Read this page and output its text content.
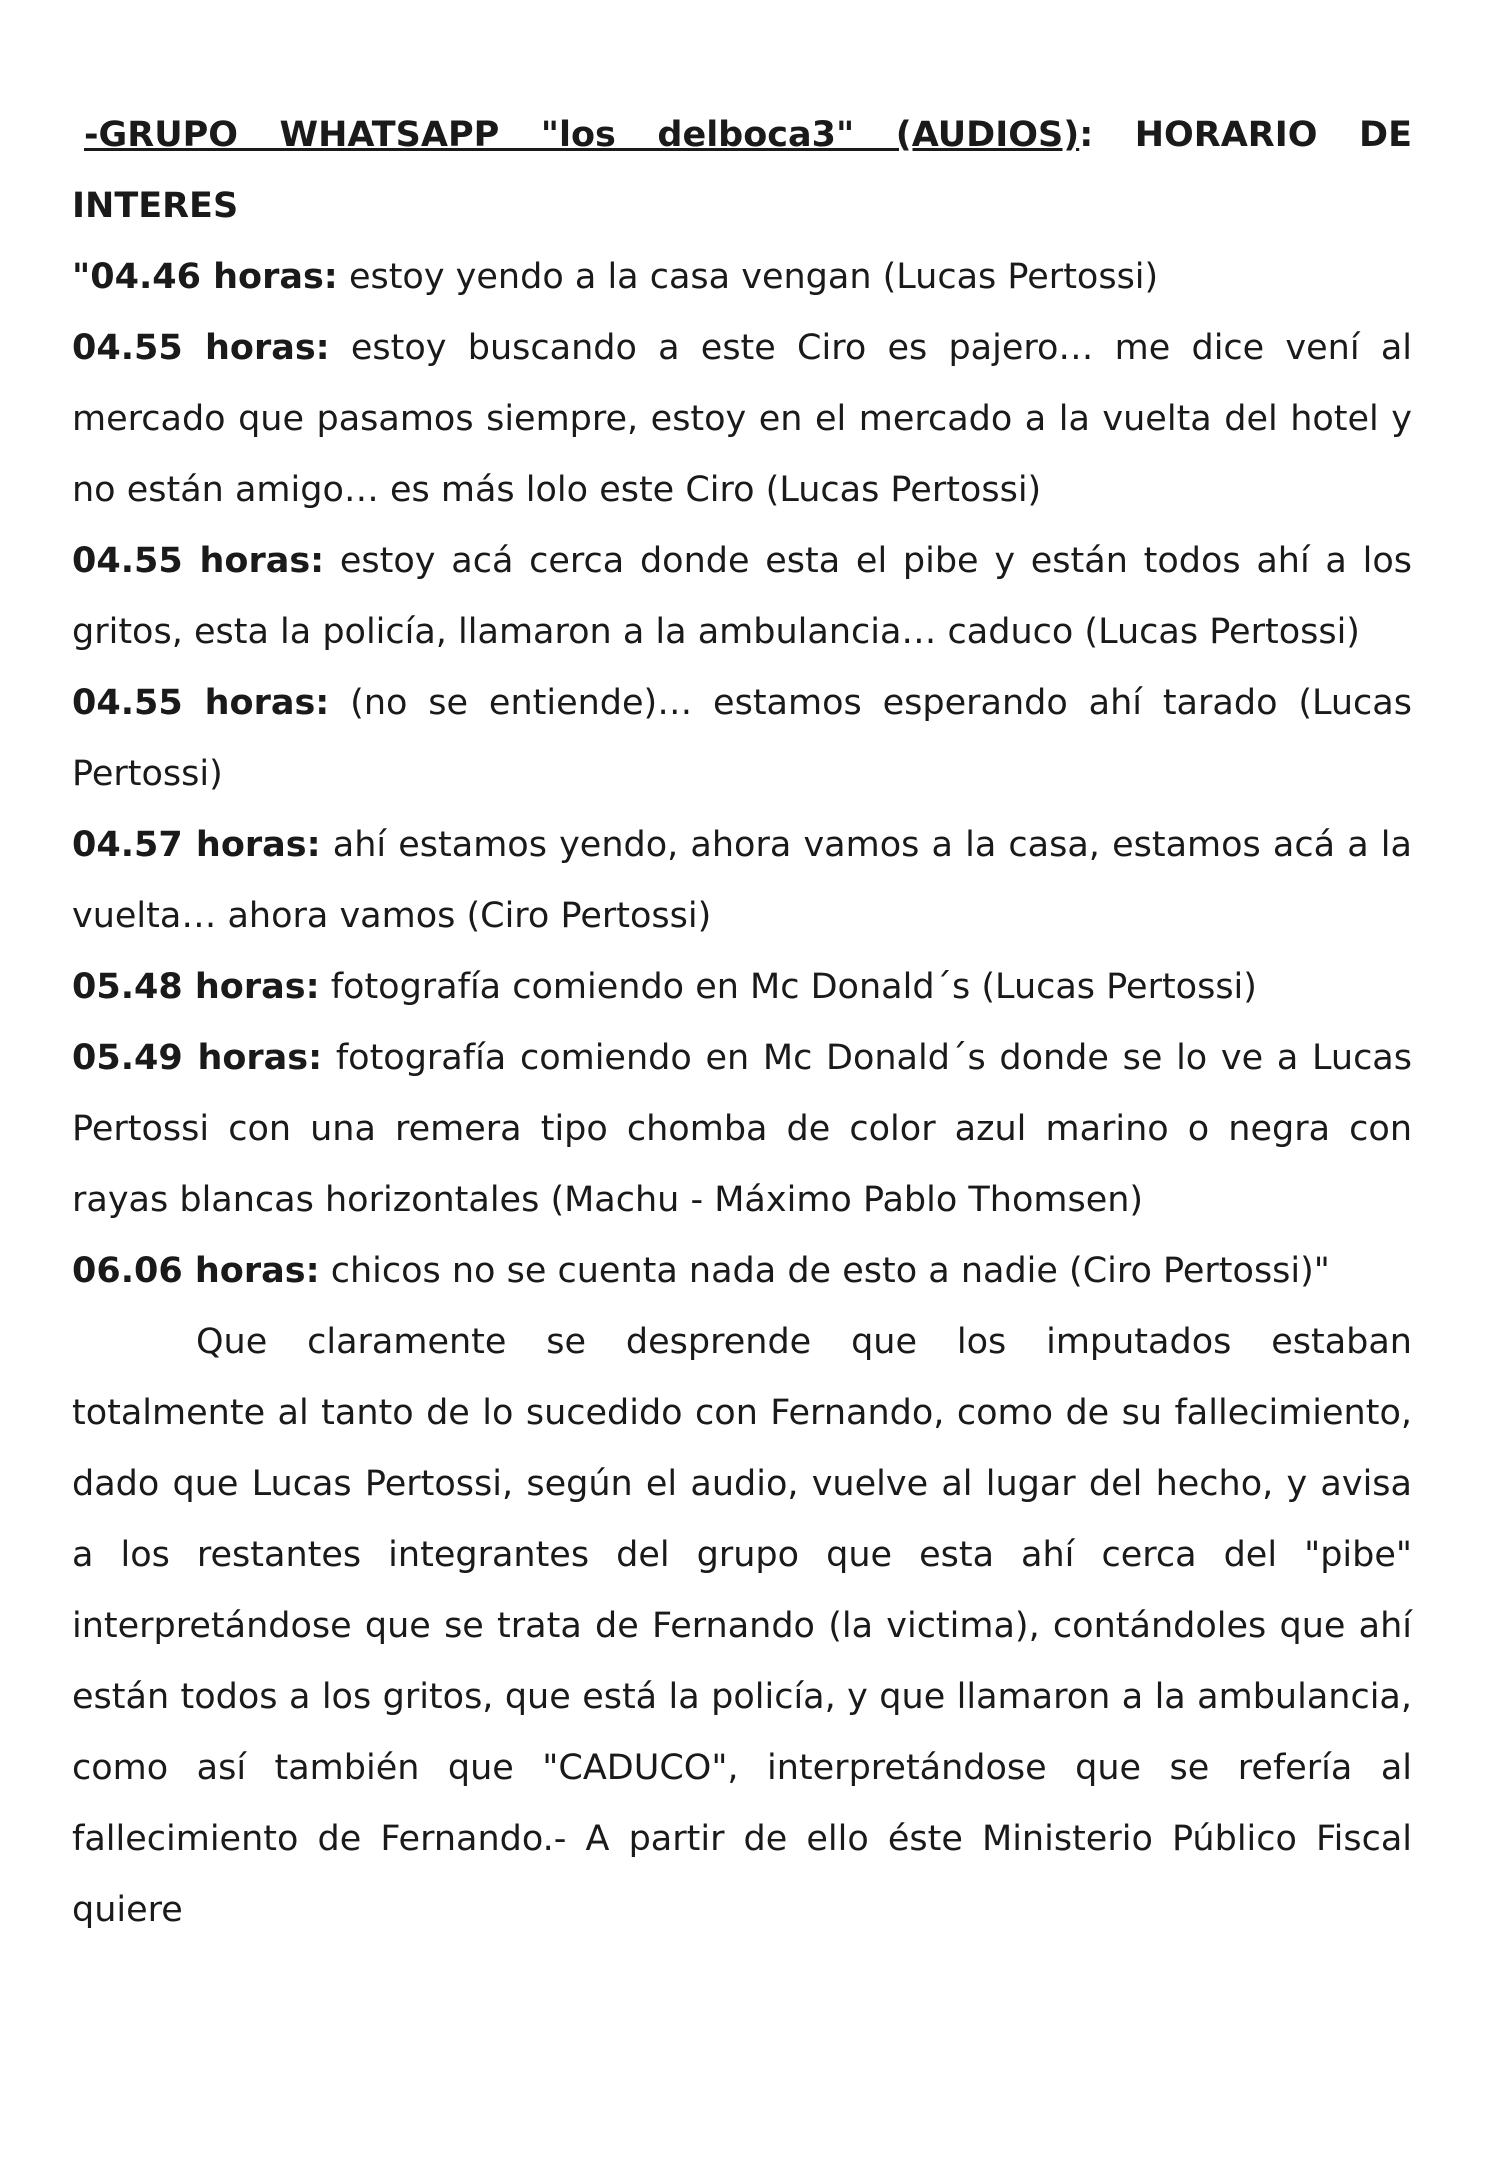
-GRUPO WHATSAPP "los delboca3" (AUDIOS): HORARIO DE INTERES

"04.46 horas: estoy yendo a la casa vengan (Lucas Pertossi)

04.55 horas: estoy buscando a este Ciro es pajero… me dice vení al mercado que pasamos siempre, estoy en el mercado a la vuelta del hotel y no están amigo… es más lolo este Ciro (Lucas Pertossi)

04.55 horas: estoy acá cerca donde esta el pibe y están todos ahí a los gritos, esta la policía, llamaron a la ambulancia… caduco (Lucas Pertossi)

04.55 horas: (no se entiende)… estamos esperando ahí tarado (Lucas Pertossi)

04.57 horas: ahí estamos yendo, ahora vamos a la casa, estamos acá a la vuelta… ahora vamos (Ciro Pertossi)

05.48 horas: fotografía comiendo en Mc Donald´s (Lucas Pertossi)

05.49 horas: fotografía comiendo en Mc Donald´s donde se lo ve a Lucas Pertossi con una remera tipo chomba de color azul marino o negra con rayas blancas horizontales (Machu - Máximo Pablo Thomsen)

06.06 horas: chicos no se cuenta nada de esto a nadie (Ciro Pertossi)"

Que claramente se desprende que los imputados estaban totalmente al tanto de lo sucedido con Fernando, como de su fallecimiento, dado que Lucas Pertossi, según el audio, vuelve al lugar del hecho, y avisa a los restantes integrantes del grupo que esta ahí cerca del "pibe" interpretándose que se trata de Fernando (la victima), contándoles que ahí están todos a los gritos, que está la policía, y que llamaron a la ambulancia, como así también que "CADUCO", interpretándose que se refería al fallecimiento de Fernando.- A partir de ello éste Ministerio Público Fiscal quiere
